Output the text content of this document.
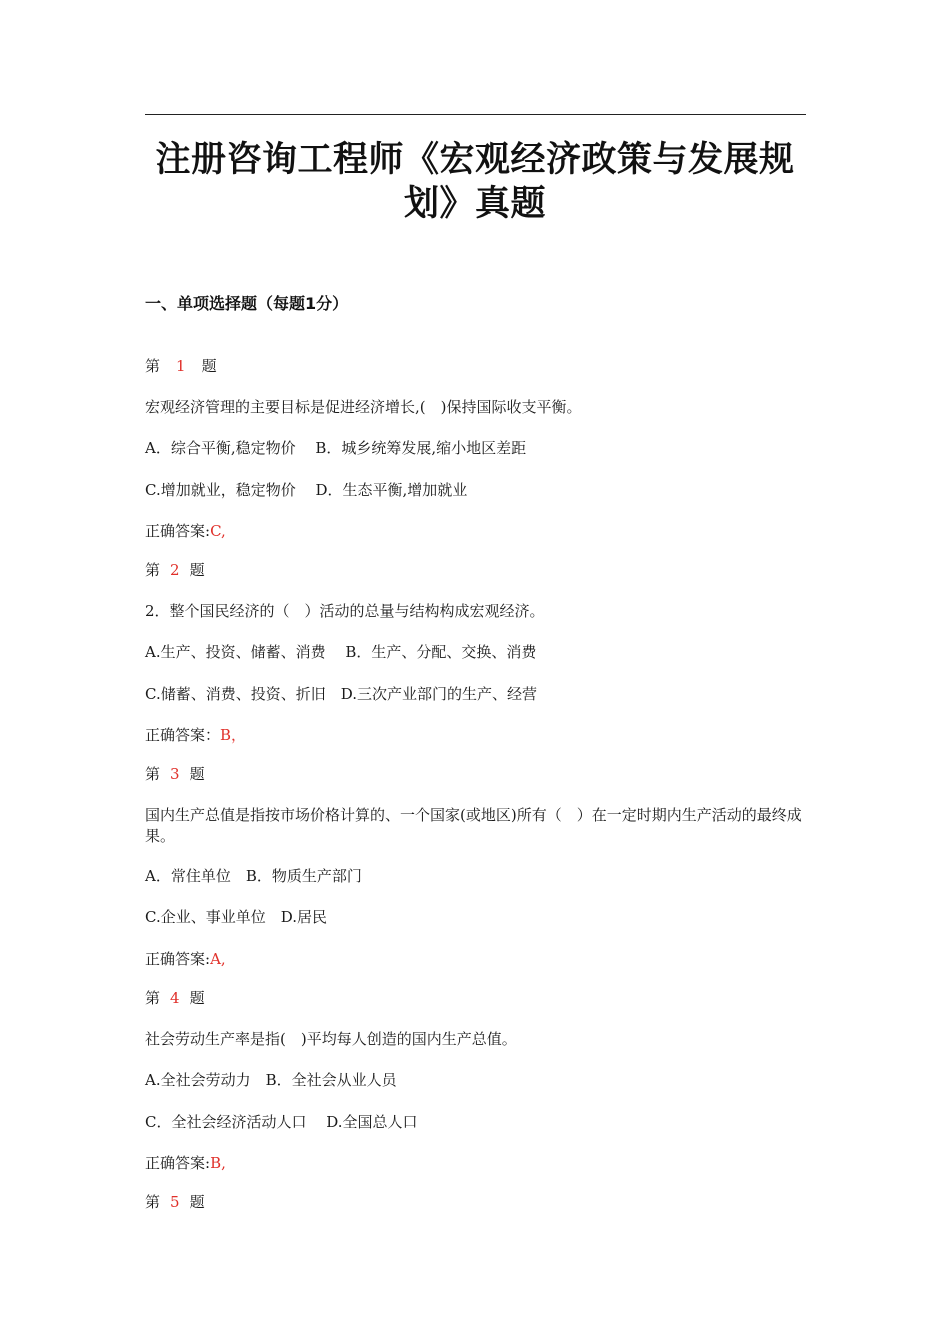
注册咨询工程师《宏观经济政策与发展规划》真题
一、单项选择题（每题1分）
第 1 题
宏观经济管理的主要目标是促进经济增长,(　)保持国际收支平衡。
A．综合平衡,稳定物价　 B．城乡统筹发展,缩小地区差距
C.增加就业，稳定物价　 D．生态平衡,增加就业
正确答案:C,
第 2 题
2．整个国民经济的（　）活动的总量与结构构成宏观经济。
A.生产、投资、储蓄、消费　 B．生产、分配、交换、消费
C.储蓄、消费、投资、折旧　D.三次产业部门的生产、经营
正确答案：B，
第 3 题
国内生产总值是指按市场价格计算的、一个国家(或地区)所有（　）在一定时期内生产活动的最终成果。
A．常住单位　B．物质生产部门
C.企业、事业单位　D.居民
正确答案:A,
第 4 题
社会劳动生产率是指(　)平均每人创造的国内生产总值。
A.全社会劳动力　B．全社会从业人员
C．全社会经济活动人口　 D.全国总人口
正确答案:B,
第 5 题
